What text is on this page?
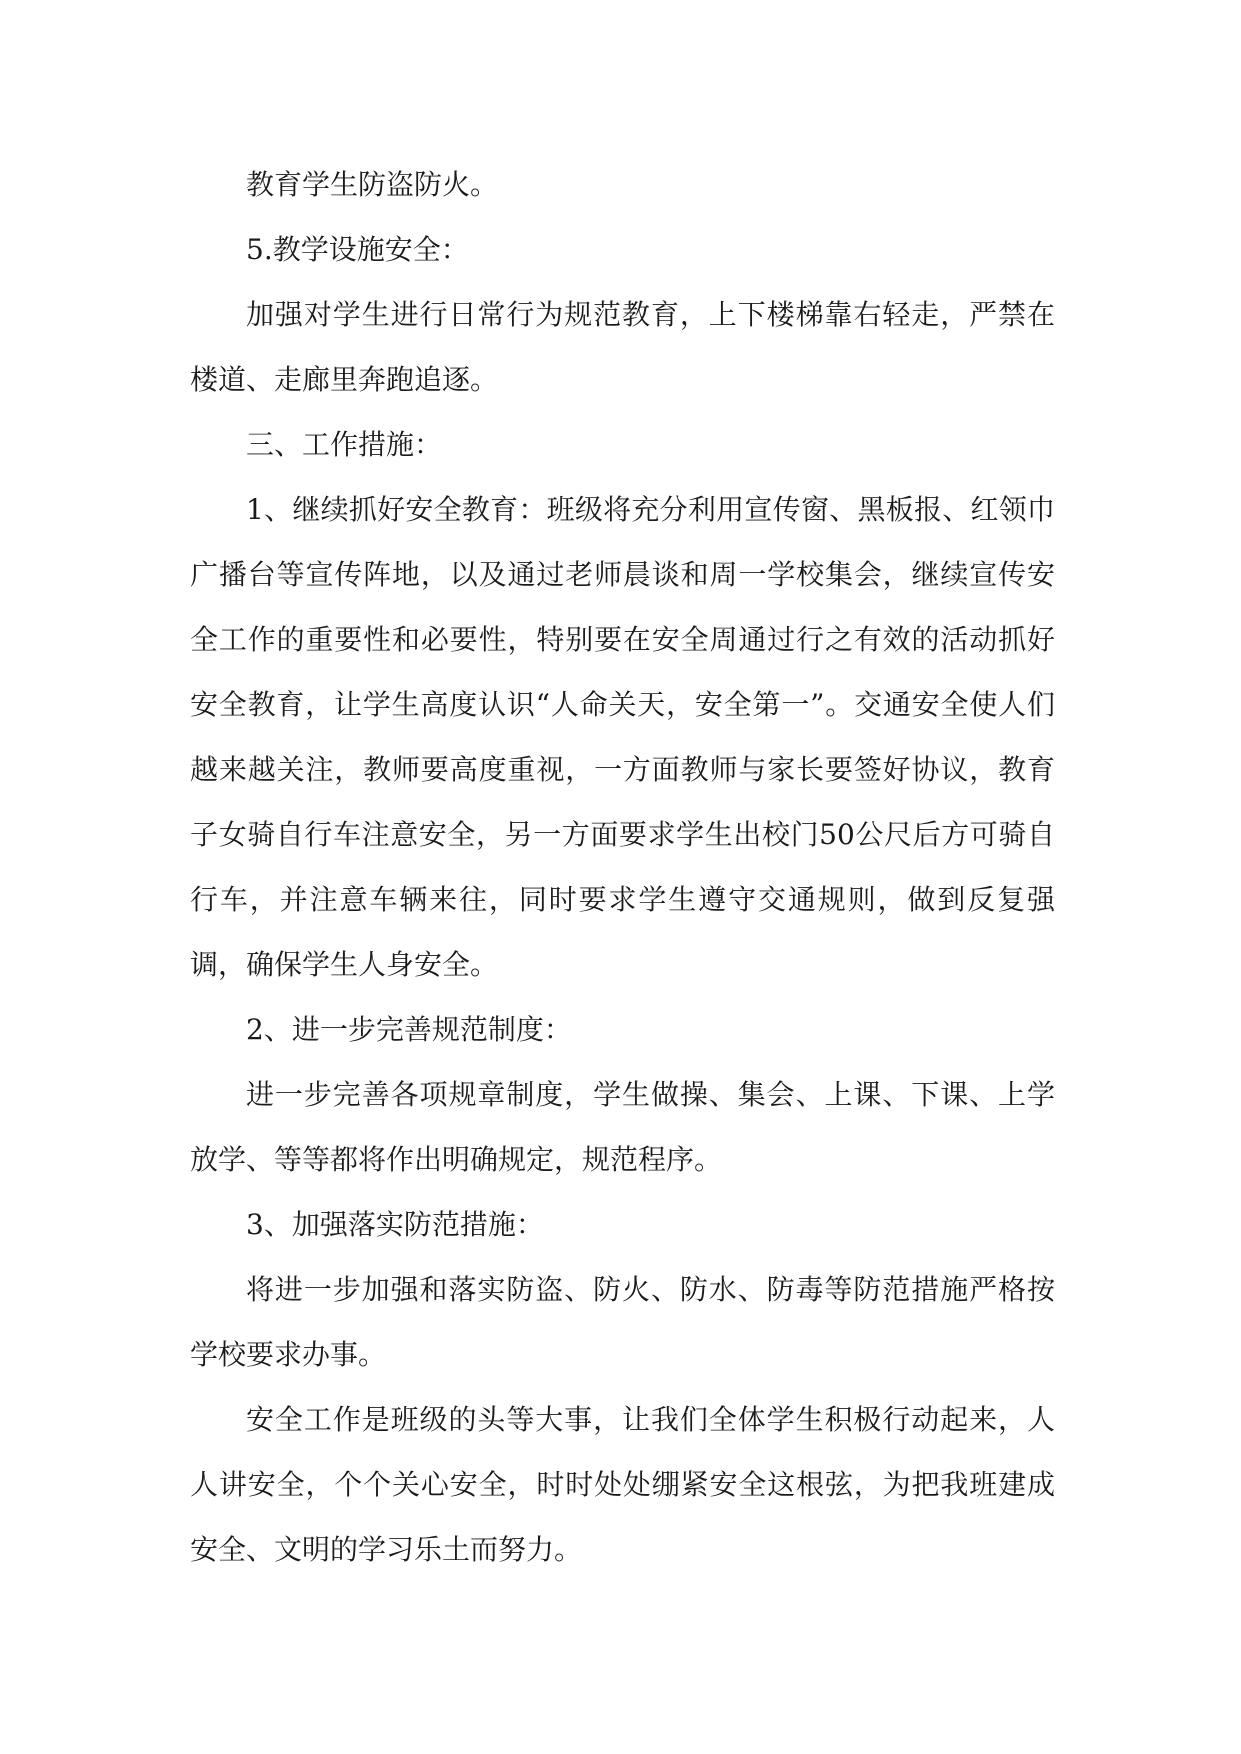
教育学生防盗防火。

5.教学设施安全：

加强对学生进行日常行为规范教育，上下楼梯靠右轻走，严禁在楼道、走廊里奔跑追逐。

三、工作措施：

1、继续抓好安全教育：班级将充分利用宣传窗、黑板报、红领巾广播台等宣传阵地，以及通过老师晨谈和周一学校集会，继续宣传安全工作的重要性和必要性，特别要在安全周通过行之有效的活动抓好安全教育，让学生高度认识“人命关天，安全第一”。交通安全使人们越来越关注，教师要高度重视，一方面教师与家长要签好协议，教育子女骑自行车注意安全，另一方面要求学生出校门50公尺后方可骑自行车，并注意车辆来往，同时要求学生遵守交通规则，做到反复强调，确保学生人身安全。

2、进一步完善规范制度：

进一步完善各项规章制度，学生做操、集会、上课、下课、上学放学、等等都将作出明确规定，规范程序。

3、加强落实防范措施：

将进一步加强和落实防盗、防火、防水、防毒等防范措施严格按学校要求办事。

安全工作是班级的头等大事，让我们全体学生积极行动起来，人人讲安全，个个关心安全，时时处处绷紧安全这根弦，为把我班建成安全、文明的学习乐土而努力。
